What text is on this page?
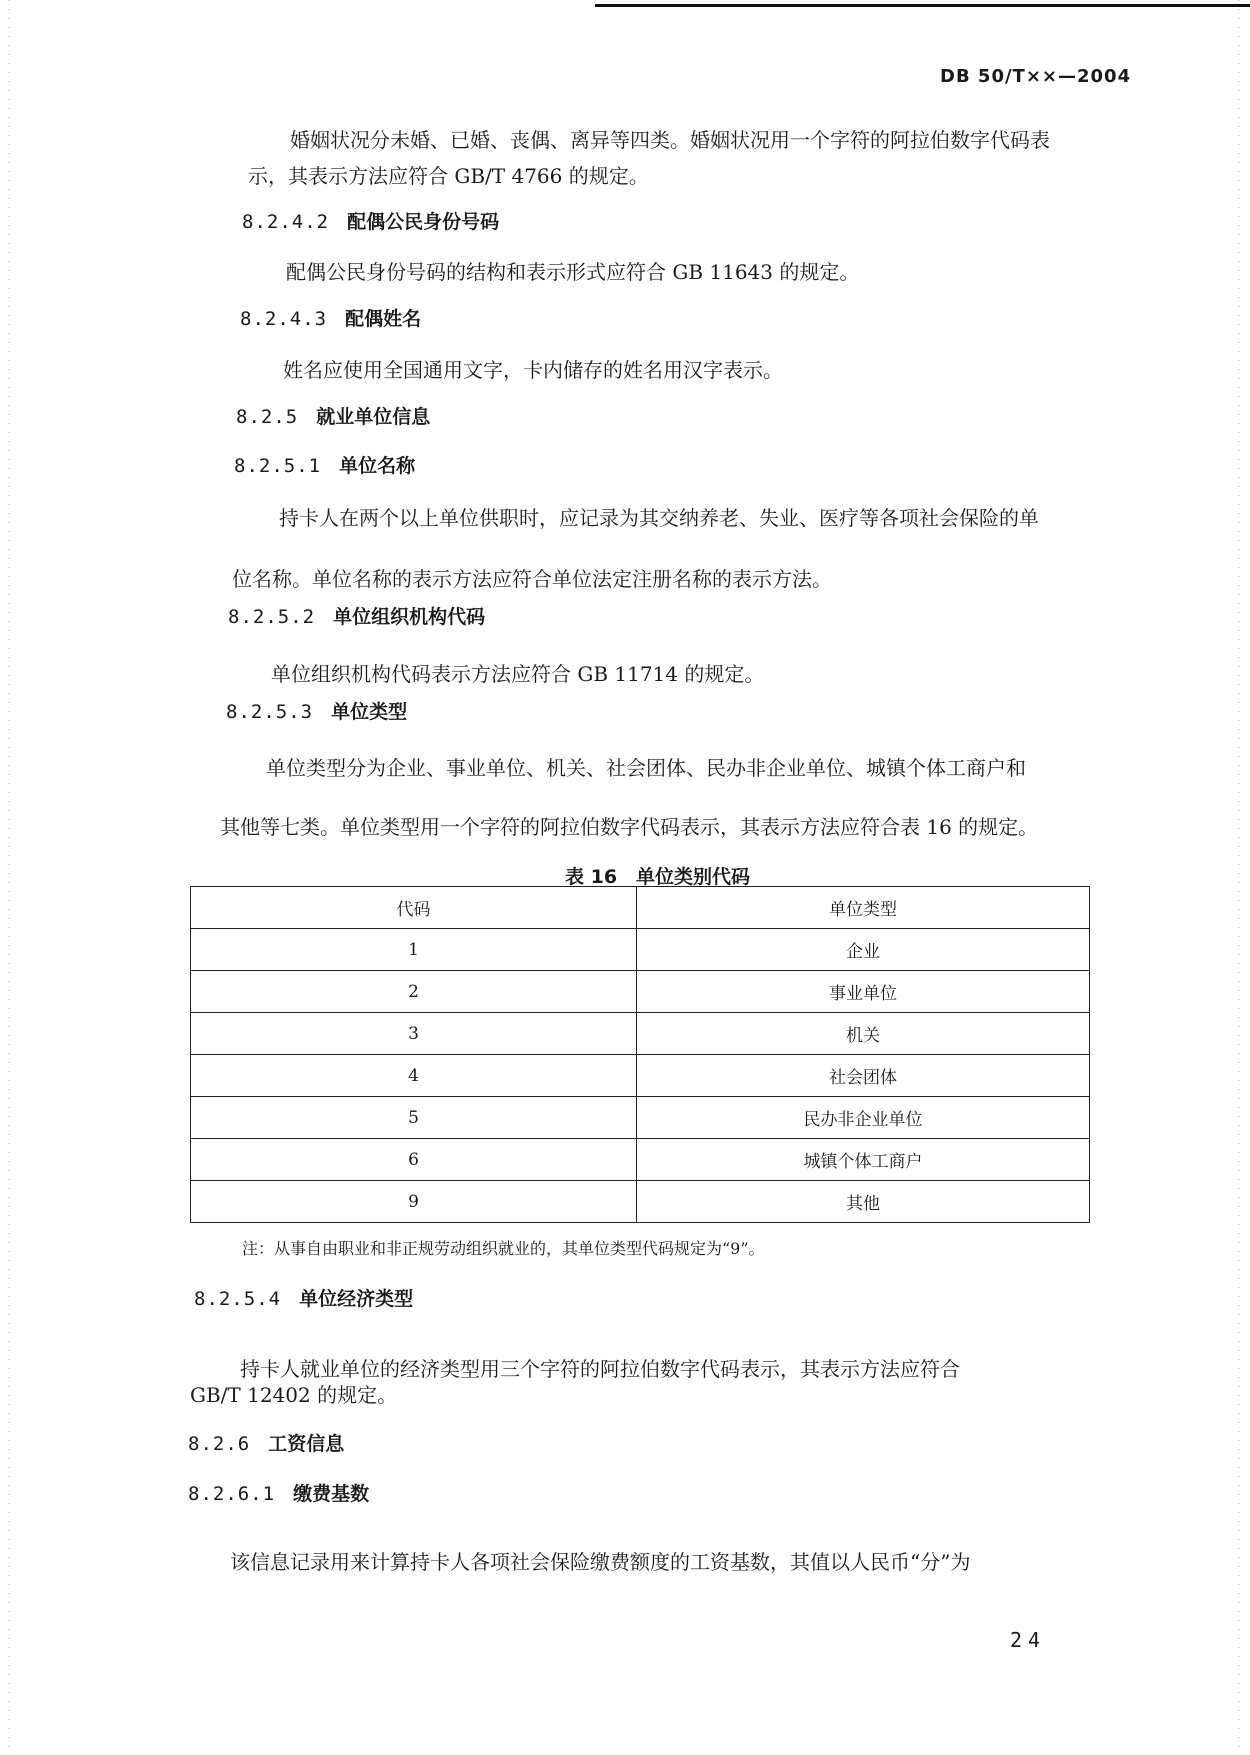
DB 50/T××—2004
婚姻状况分未婚、已婚、丧偶、离异等四类。婚姻状况用一个字符的阿拉伯数字代码表
示，其表示方法应符合 GB/T 4766 的规定。
8.2.4.2 配偶公民身份号码
配偶公民身份号码的结构和表示形式应符合 GB 11643 的规定。
8.2.4.3 配偶姓名
姓名应使用全国通用文字，卡内储存的姓名用汉字表示。
8.2.5 就业单位信息
8.2.5.1 单位名称
持卡人在两个以上单位供职时，应记录为其交纳养老、失业、医疗等各项社会保险的单
位名称。单位名称的表示方法应符合单位法定注册名称的表示方法。
8.2.5.2 单位组织机构代码
单位组织机构代码表示方法应符合 GB 11714 的规定。
8.2.5.3 单位类型
单位类型分为企业、事业单位、机关、社会团体、民办非企业单位、城镇个体工商户和
其他等七类。单位类型用一个字符的阿拉伯数字代码表示，其表示方法应符合表 16 的规定。
表 16　单位类别代码
代码	单位类型
1	企业
2	事业单位
3	机关
4	社会团体
5	民办非企业单位
6	城镇个体工商户
9	其他
注：从事自由职业和非正规劳动组织就业的，其单位类型代码规定为“9”。
8.2.5.4 单位经济类型
持卡人就业单位的经济类型用三个字符的阿拉伯数字代码表示，其表示方法应符合
GB/T 12402 的规定。
8.2.6 工资信息
8.2.6.1 缴费基数
该信息记录用来计算持卡人各项社会保险缴费额度的工资基数，其值以人民币“分”为
24
